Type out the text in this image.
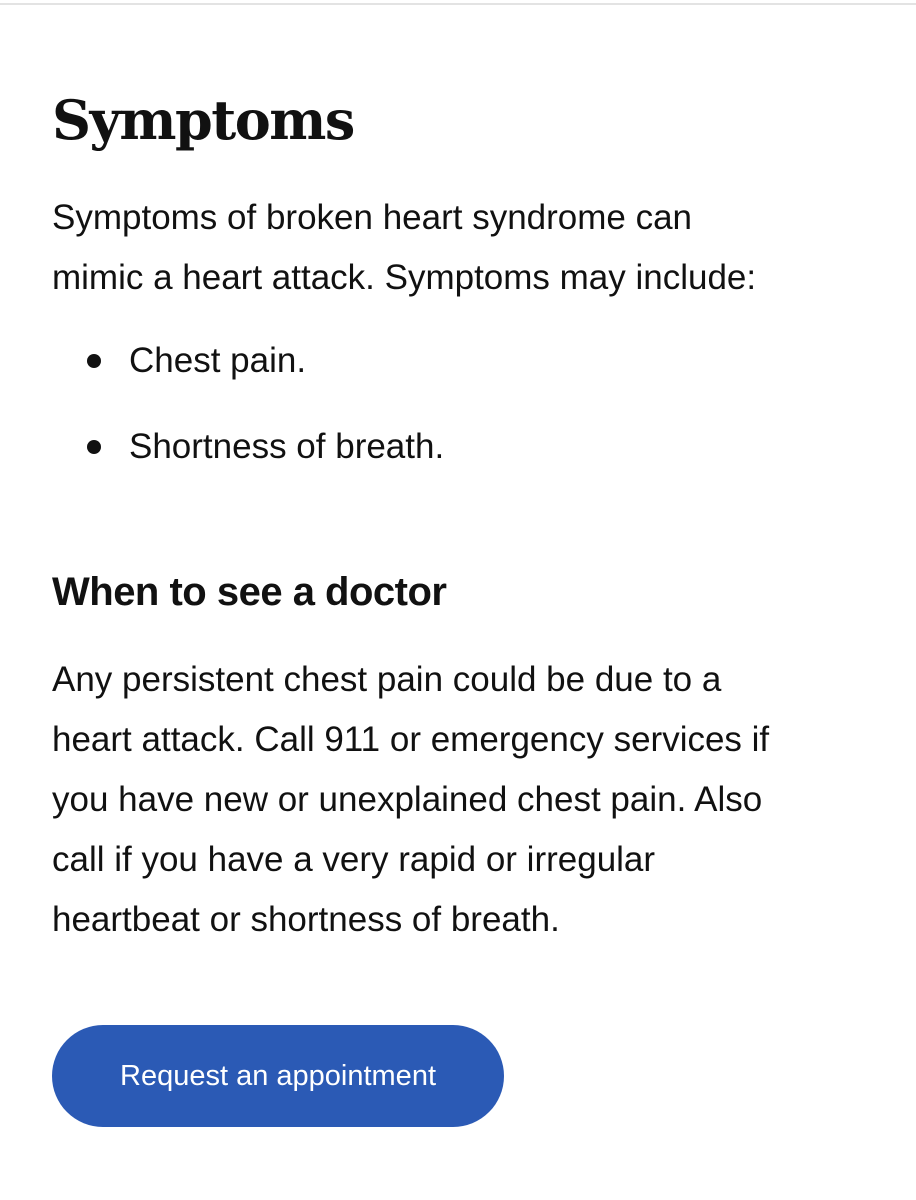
Symptoms

Symptoms of broken heart syndrome can
mimic a heart attack. Symptoms may include:

Chest pain.
Shortness of breath.
When to see a doctor

Any persistent chest pain could be due to a
heart attack. Call 911 or emergency services if
you have new or unexplained chest pain. Also
call if you have a very rapid or irregular
heartbeat or shortness of breath.

Request an appointment
